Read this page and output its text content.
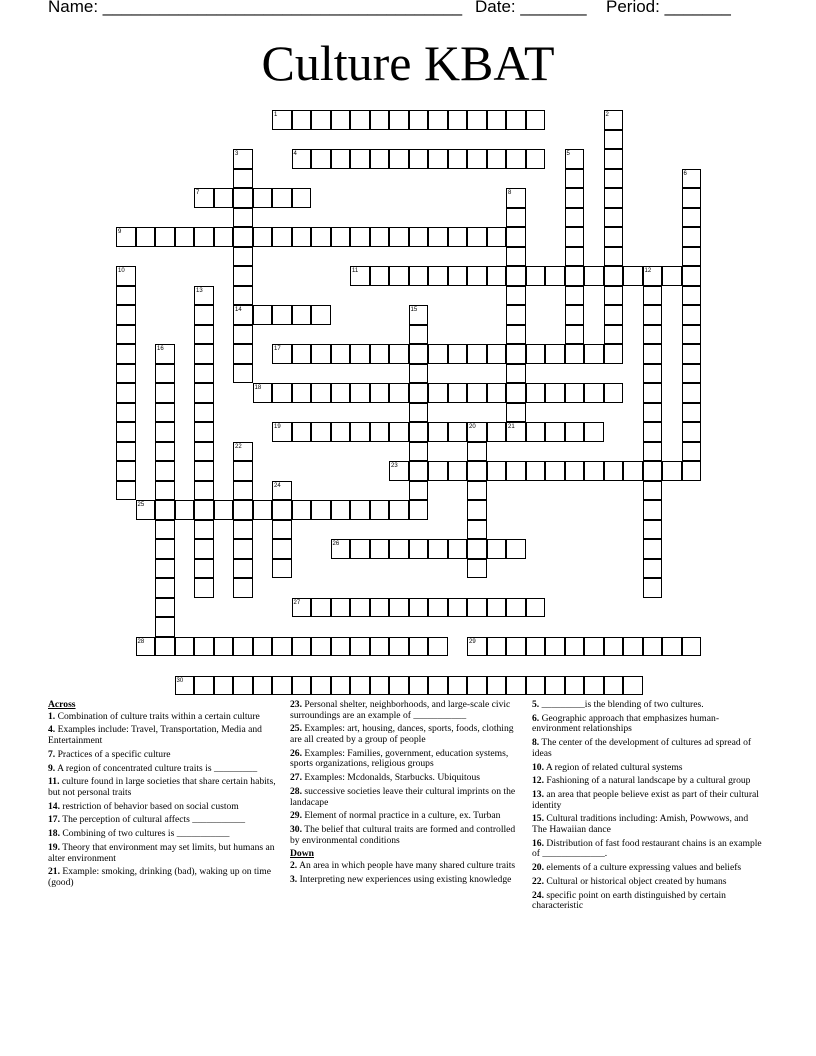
Name: ______________________________________ Date: _______ Period: _______
Culture KBAT
1	2
3
14
4	5
6
7	8
21
9
10	11	12
13
15
16	17
18
19	20
22
23
24
25
26
27
28	29
30
Across
1. Combination of culture traits within a certain culture
4. Examples include: Travel, Transportation, Media and Entertainment
7. Practices of a specific culture
9. A region of concentrated culture traits is _________
11. culture found in large societies that share certain habits, but not personal traits
14. restriction of behavior based on social custom
17. The perception of cultural affects ___________
18. Combining of two cultures is ___________
19. Theory that environment may set limits, but humans an alter environment
21. Example: smoking, drinking (bad), waking up on time (good)
23. Personal shelter, neighborhoods, and large-scale civic surroundings are an example of ___________
25. Examples: art, housing, dances, sports, foods, clothing are all created by a group of people
26. Examples: Families, government, education systems, sports organizations, religious groups
27. Examples: Mcdonalds, Starbucks. Ubiquitous
28. successive societies leave their cultural imprints on the landacape
29. Element of normal practice in a culture, ex. Turban
30. The belief that cultural traits are formed and controlled by environmental conditions
Down
2. An area in which people have many shared culture traits
3. Interpreting new experiences using existing knowledge
5. _________is the blending of two cultures.
6. Geographic approach that emphasizes human-environment relationships
8. The center of the development of cultures ad spread of ideas
10. A region of related cultural systems
12. Fashioning of a natural landscape by a cultural group
13. an area that people believe exist as part of their cultural identity
15. Cultural traditions including: Amish, Powwows, and The Hawaiian dance
16. Distribution of fast food restaurant chains is an example of _____________.
20. elements of a culture expressing values and beliefs
22. Cultural or historical object created by humans
24. specific point on earth distinguished by certain characteristic
